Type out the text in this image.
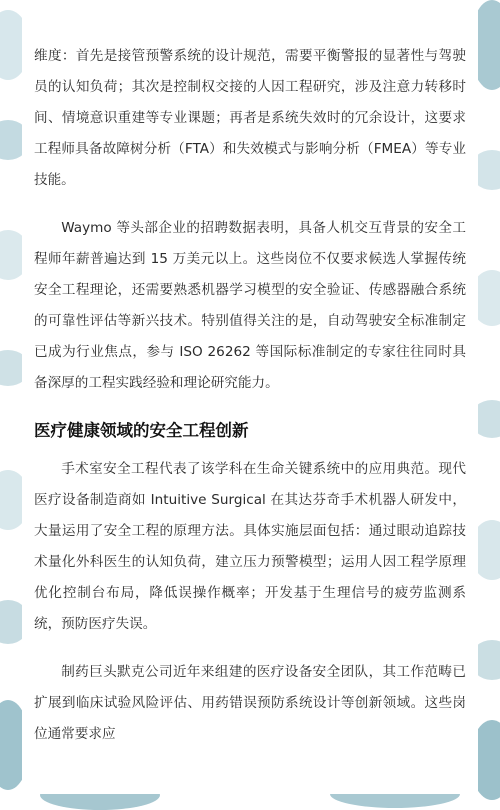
维度：首先是接管预警系统的设计规范，需要平衡警报的显著性与驾驶员的认知负荷；其次是控制权交接的人因工程研究，涉及注意力转移时间、情境意识重建等专业课题；再者是系统失效时的冗余设计，这要求工程师具备故障树分析（FTA）和失效模式与影响分析（FMEA）等专业技能。

Waymo 等头部企业的招聘数据表明，具备人机交互背景的安全工程师年薪普遍达到 15 万美元以上。这些岗位不仅要求候选人掌握传统安全工程理论，还需要熟悉机器学习模型的安全验证、传感器融合系统的可靠性评估等新兴技术。特别值得关注的是，自动驾驶安全标准制定已成为行业焦点，参与 ISO 26262 等国际标准制定的专家往往同时具备深厚的工程实践经验和理论研究能力。

医疗健康领域的安全工程创新

手术室安全工程代表了该学科在生命关键系统中的应用典范。现代医疗设备制造商如 Intuitive Surgical 在其达芬奇手术机器人研发中，大量运用了安全工程的原理方法。具体实施层面包括：通过眼动追踪技术量化外科医生的认知负荷，建立压力预警模型；运用人因工程学原理优化控制台布局，降低误操作概率；开发基于生理信号的疲劳监测系统，预防医疗失误。

制药巨头默克公司近年来组建的医疗设备安全团队，其工作范畴已扩展到临床试验风险评估、用药错误预防系统设计等创新领域。这些岗位通常要求应
